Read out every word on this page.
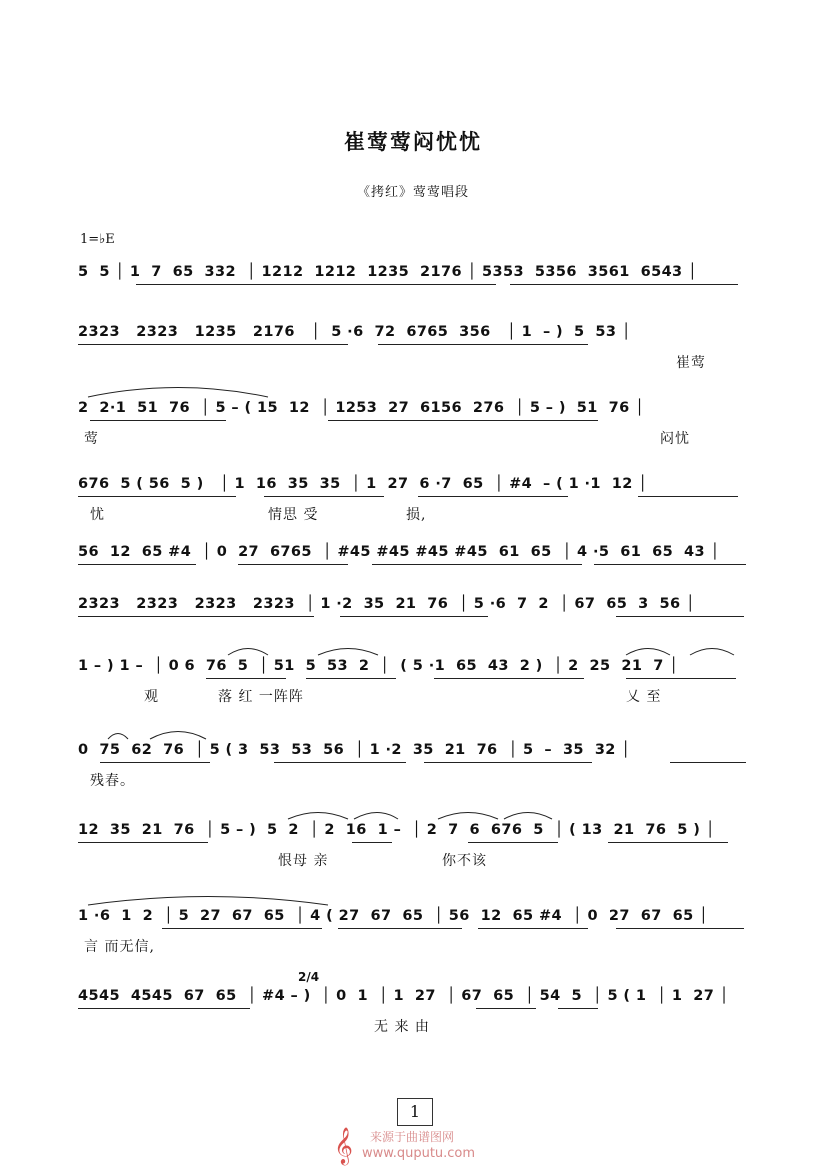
崔莺莺闷忧忧
《拷红》莺莺唱段
1=♭E
5  5 │ 1  7  65  332  │ 1212  1212  1235  2176 │ 5353  5356  3561  6543 │
2323   2323   1235   2176   │  5 ·6  72  6765  356   │ 1  – )  5  53 │
崔莺
2  2·1  51  76  │ 5 – ( 15  12  │ 1253  27  6156  276  │ 5 – )  51  76 │
莺	闷忧
676  5 ( 56  5 )   │ 1  16  35  35  │ 1  27  6 ·7  65  │ #4  – ( 1 ·1  12 │
忧	情思 受	损,
56  12  65 #4  │ 0  27  6765  │ #45 #45 #45 #45  61  65  │ 4 ·5  61  65  43 │
2323   2323   2323   2323  │ 1 ·2  35  21  76  │ 5 ·6  7  2  │ 67  65  3  56 │
1 – ) 1 –  │ 0 6  76  5  │ 51  5  53  2  │  ( 5 ·1  65  43  2 )  │ 2  25  21  7 │
观	落 红 一阵阵	乂 至
0  75  62  76  │ 5 ( 3  53  53  56  │ 1 ·2  35  21  76  │ 5  –  35  32 │
残春。
12  35  21  76  │ 5 – )  5  2  │ 2  16  1 –  │ 2  7  6  676  5  │ ( 13  21  76  5 ) │
恨母 亲	你不该
1 ·6  1  2  │ 5  27  67  65  │ 4 ( 27  67  65  │ 56  12  65 #4  │ 0  27  67  65 │
言 而无信,
2/4
4545  4545  67  65  │ #4 – )  │ 0  1  │ 1  27  │ 67  65  │ 54  5  │ 5 ( 1  │ 1  27 │
无 来 由
1
𝄞 来源于曲谱图网
www.qupu​tu.com
